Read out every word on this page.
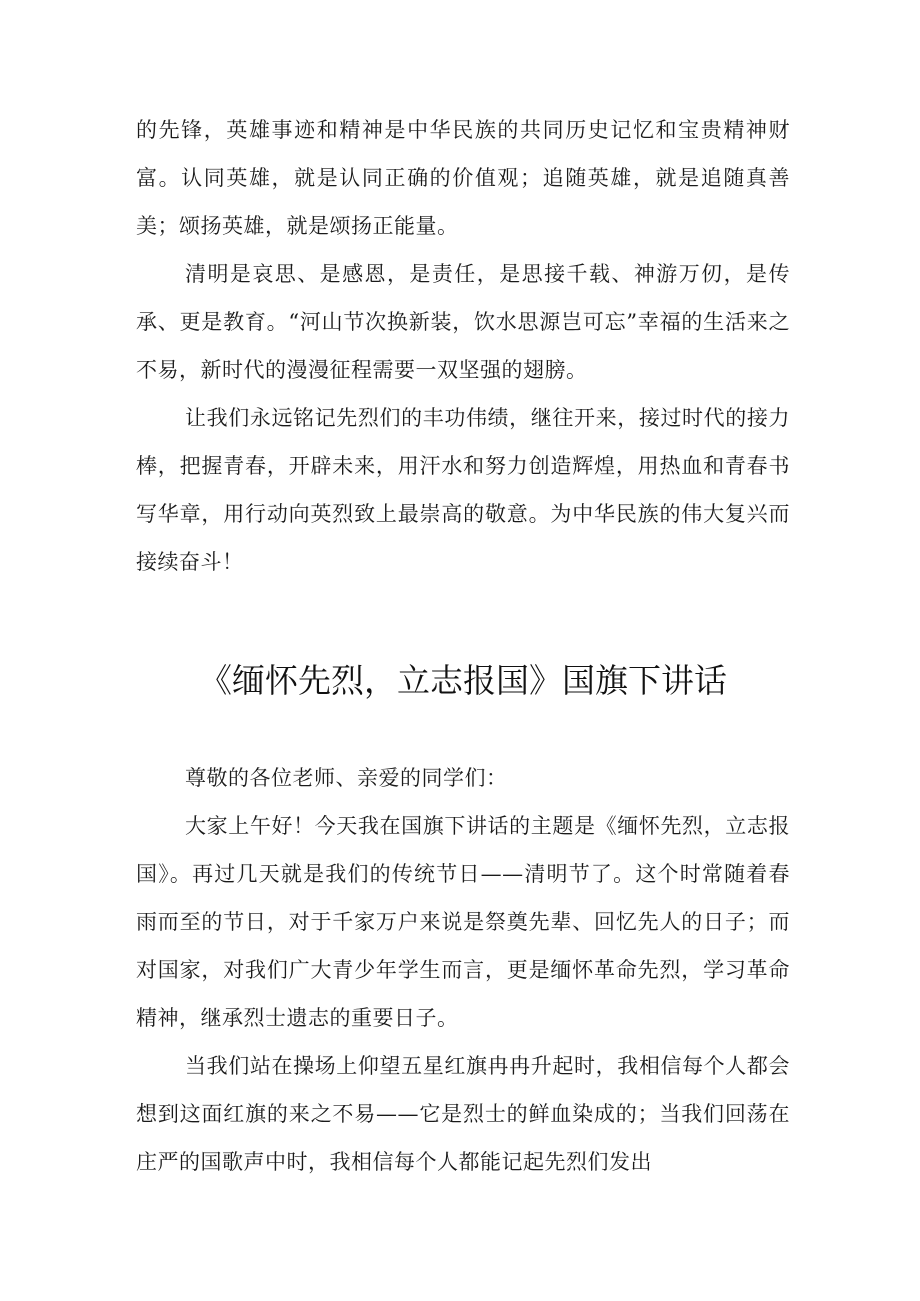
的先锋，英雄事迹和精神是中华民族的共同历史记忆和宝贵精神财富。认同英雄，就是认同正确的价值观；追随英雄，就是追随真善美；颂扬英雄，就是颂扬正能量。

清明是哀思、是感恩，是责任，是思接千载、神游万仞，是传承、更是教育。“河山节次换新装，饮水思源岂可忘”幸福的生活来之不易，新时代的漫漫征程需要一双坚强的翅膀。

让我们永远铭记先烈们的丰功伟绩，继往开来，接过时代的接力棒，把握青春，开辟未来，用汗水和努力创造辉煌，用热血和青春书写华章，用行动向英烈致上最崇高的敬意。为中华民族的伟大复兴而接续奋斗！

《缅怀先烈，立志报国》国旗下讲话

尊敬的各位老师、亲爱的同学们：

大家上午好！今天我在国旗下讲话的主题是《缅怀先烈，立志报国》。再过几天就是我们的传统节日——清明节了。这个时常随着春雨而至的节日，对于千家万户来说是祭奠先辈、回忆先人的日子；而对国家，对我们广大青少年学生而言，更是缅怀革命先烈，学习革命精神，继承烈士遗志的重要日子。

当我们站在操场上仰望五星红旗冉冉升起时，我相信每个人都会想到这面红旗的来之不易——它是烈士的鲜血染成的；当我们回荡在庄严的国歌声中时，我相信每个人都能记起先烈们发出
